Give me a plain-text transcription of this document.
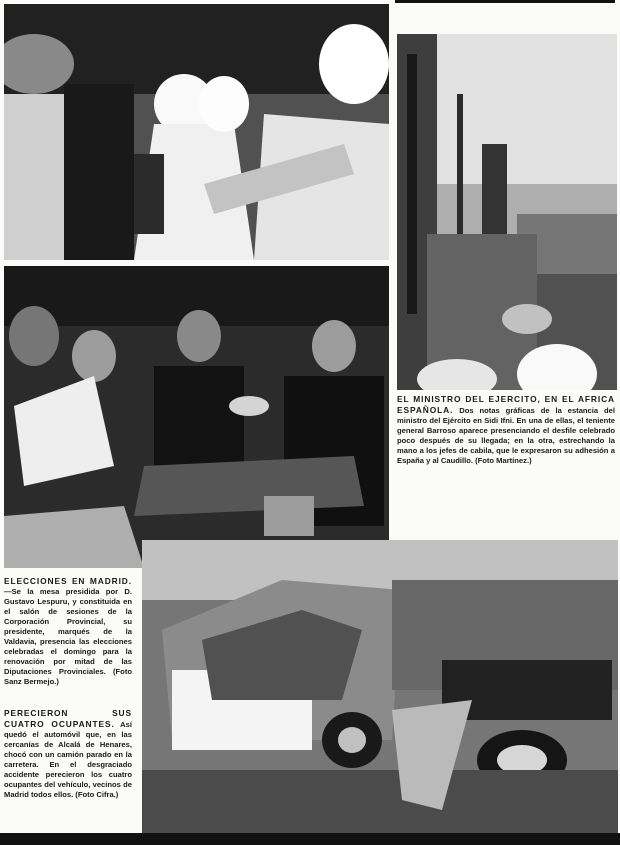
EL MINISTRO DEL EJERCITO, EN EL AFRICA ESPAÑOLA. Dos notas gráficas de la estancia del ministro del Ejército en Sidi Ifni. En una de ellas, el teniente general Barroso aparece presenciando el desfile celebrado poco después de su llegada; en la otra, estrechando la mano a los jefes de cabila, que le expresaron su adhesión a España y al Caudillo. (Foto Martínez.)
ELECCIONES EN MADRID. —Se la mesa presidida por D. Gustavo Lespuru, y constituida en el salón de sesiones de la Corporación Provincial, su presidente, marqués de la Valdavia, presencia las elecciones celebradas el domingo para la renovación por mitad de las Diputaciones Provinciales. (Foto Sanz Bermejo.)
PERECIERON SUS CUATRO OCUPANTES. Así quedó el automóvil que, en las cercanías de Alcalá de Henares, chocó con un camión parado en la carretera. En el desgraciado accidente perecieron los cuatro ocupantes del vehículo, vecinos de Madrid todos ellos. (Foto Cifra.)
